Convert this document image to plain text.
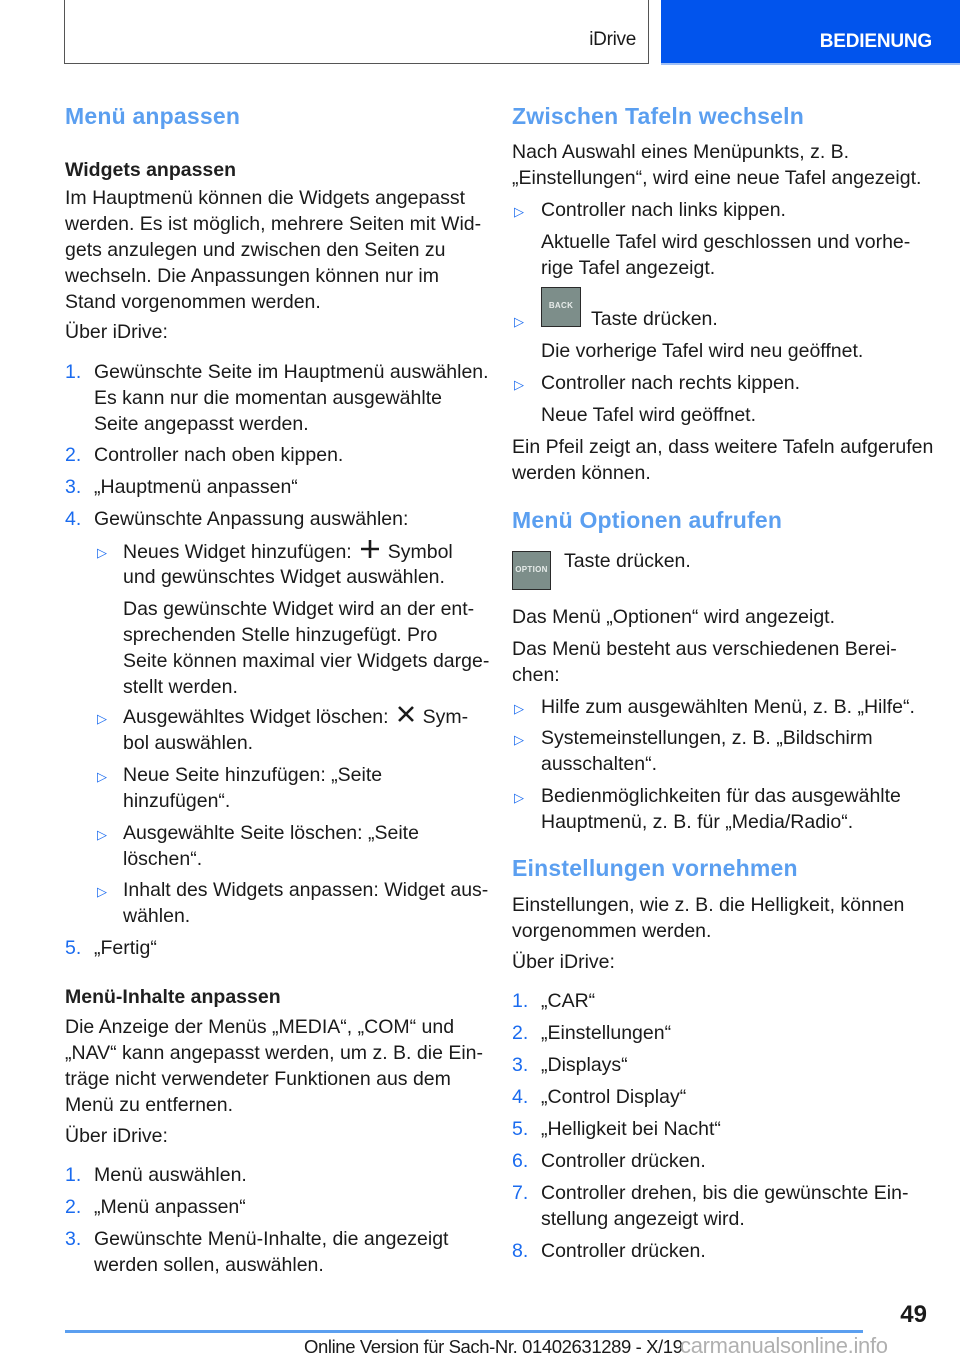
iDrive	BEDIENUNG
Menü anpassen
Widgets anpassen
Im Hauptmenü können die Widgets angepasst
werden. Es ist möglich, mehrere Seiten mit Wid-
gets anzulegen und zwischen den Seiten zu
wechseln. Die Anpassungen können nur im
Stand vorgenommen werden.
Über iDrive:
1. Gewünschte Seite im Hauptmenü auswählen.
Es kann nur die momentan ausgewählte
Seite angepasst werden.
2. Controller nach oben kippen.
3. „Hauptmenü anpassen“
4. Gewünschte Anpassung auswählen:
▷ Neues Widget hinzufügen: Symbol
und gewünschtes Widget auswählen.
Das gewünschte Widget wird an der ent-
sprechenden Stelle hinzugefügt. Pro
Seite können maximal vier Widgets darge-
stellt werden.
▷ Ausgewähltes Widget löschen: Sym-
bol auswählen.
▷ Neue Seite hinzufügen: „Seite
hinzufügen“.
▷ Ausgewählte Seite löschen: „Seite
löschen“.
▷ Inhalt des Widgets anpassen: Widget aus-
wählen.
5. „Fertig“
Menü-Inhalte anpassen
Die Anzeige der Menüs „MEDIA“, „COM“ und
„NAV“ kann angepasst werden, um z. B. die Ein-
träge nicht verwendeter Funktionen aus dem
Menü zu entfernen.
Über iDrive:
1. Menü auswählen.
2. „Menü anpassen“
3. Gewünschte Menü-Inhalte, die angezeigt
werden sollen, auswählen.
Zwischen Tafeln wechseln
Nach Auswahl eines Menüpunkts, z. B.
„Einstellungen“, wird eine neue Tafel angezeigt.
▷ Controller nach links kippen.
Aktuelle Tafel wird geschlossen und vorhe-
rige Tafel angezeigt.
▷
BACK
Taste drücken.
Die vorherige Tafel wird neu geöffnet.
▷ Controller nach rechts kippen.
Neue Tafel wird geöffnet.
Ein Pfeil zeigt an, dass weitere Tafeln aufgerufen
werden können.
Menü Optionen aufrufen
OPTION Taste drücken.
Das Menü „Optionen“ wird angezeigt.
Das Menü besteht aus verschiedenen Berei-
chen:
▷ Hilfe zum ausgewählten Menü, z. B. „Hilfe“.
▷ Systemeinstellungen, z. B. „Bildschirm
ausschalten“.
▷ Bedienmöglichkeiten für das ausgewählte
Hauptmenü, z. B. für „Media/Radio“.
Einstellungen vornehmen
Einstellungen, wie z. B. die Helligkeit, können
vorgenommen werden.
Über iDrive:
1. „CAR“
2. „Einstellungen“
3. „Displays“
4. „Control Display“
5. „Helligkeit bei Nacht“
6. Controller drücken.
7. Controller drehen, bis die gewünschte Ein-
stellung angezeigt wird.
8. Controller drücken.
49
Online Version für Sach-Nr. 01402631289 - X/19
carmanualsonline.info
